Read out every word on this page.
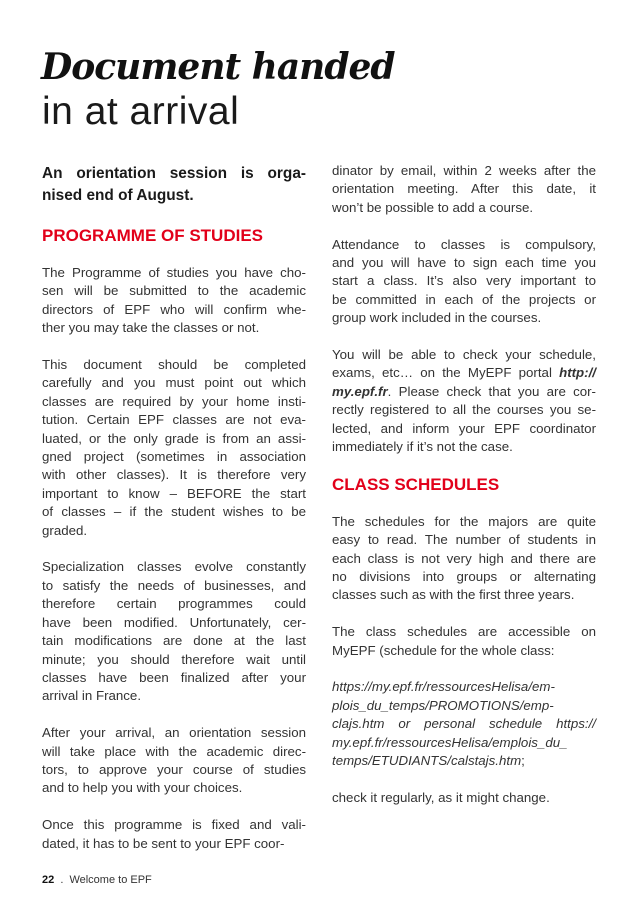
Document handed
in at arrival
An orientation session is orga-
nised end of August.
PROGRAMME OF STUDIES
The Programme of studies you have cho-
sen will be submitted to the academic
directors of EPF who will confirm whe-
ther you may take the classes or not.
This document should be completed
carefully and you must point out which
classes are required by your home insti-
tution. Certain EPF classes are not eva-
luated, or the only grade is from an assi-
gned project (sometimes in association
with other classes). It is therefore very
important to know – BEFORE the start
of classes – if the student wishes to be
graded.
Specialization classes evolve constantly
to satisfy the needs of businesses, and
therefore certain programmes could
have been modified. Unfortunately, cer-
tain modifications are done at the last
minute; you should therefore wait until
classes have been finalized after your
arrival in France.
After your arrival, an orientation session
will take place with the academic direc-
tors, to approve your course of studies
and to help you with your choices.
Once this programme is fixed and vali-
dated, it has to be sent to your EPF coor-
dinator by email, within 2 weeks after the
orientation meeting. After this date, it
won’t be possible to add a course.
Attendance to classes is compulsory,
and you will have to sign each time you
start a class. It’s also very important to
be committed in each of the projects or
group work included in the courses.
You will be able to check your schedule,
exams, etc… on the MyEPF portal http://
my.epf.fr. Please check that you are cor-
rectly registered to all the courses you se-
lected, and inform your EPF coordinator
immediately if it’s not the case.
CLASS SCHEDULES
The schedules for the majors are quite
easy to read. The number of students in
each class is not very high and there are
no divisions into groups or alternating
classes such as with the first three years.
The class schedules are accessible on
MyEPF (schedule for the whole class:
https://my.epf.fr/ressourcesHelisa/em-
plois_du_temps/PROMOTIONS/emp-
clajs.htm or personal schedule https://
my.epf.fr/ressourcesHelisa/emplois_du_
temps/ETUDIANTS/calstajs.htm;
check it regularly, as it might change.
22 . Welcome to EPF
